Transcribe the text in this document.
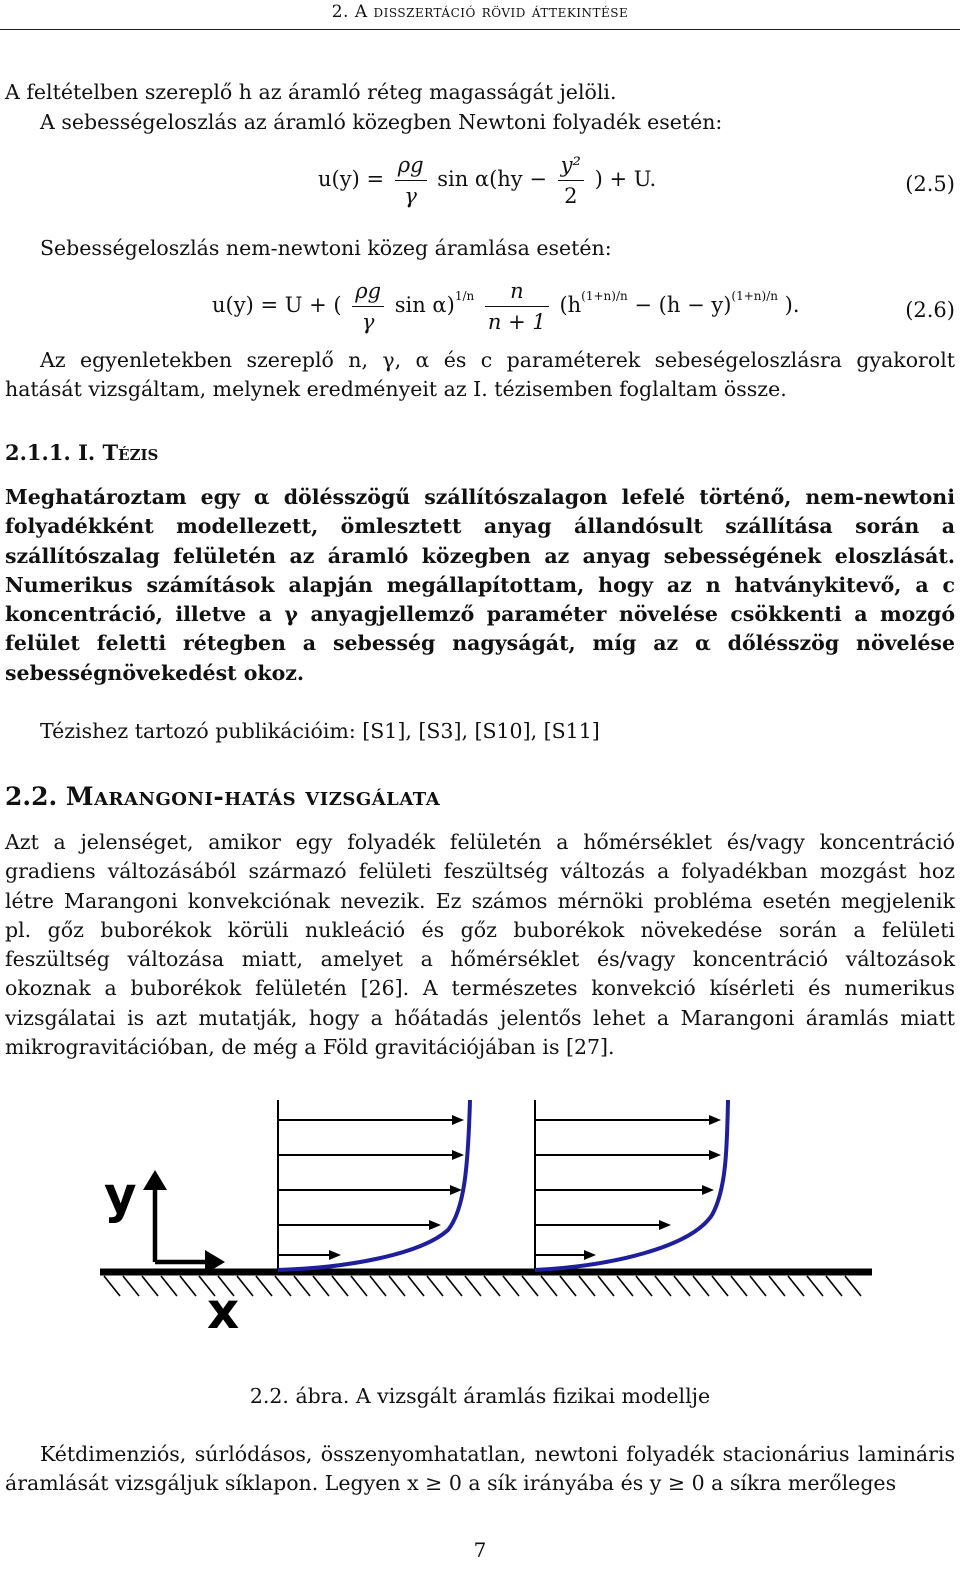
2. A disszertáció rövid áttekintése
A feltételben szereplő h az áramló réteg magasságát jelöli.
A sebességeloszlás az áramló közegben Newtoni folyadék esetén:
$u(y) = \frac{\rho g}{\gamma}$ $\sin \alpha(hy - \frac{\text{y²}}{2}$ ) + U.	(2.5)
Sebességeloszlás nem-newtoni közeg áramlása esetén:
u(y) = U + ( $\frac{\rho g}{\gamma}$ $\sin \alpha)^{1/n} \frac{n}{n + 1} (h^{(1+n)/n} - (h - y)^{(1+n)/n}$ ).	(2.6)
Az egyenletekben szereplő n, γ, α és c paraméterek sebeségeloszlásra gyakorolt hatását vizsgáltam, melynek eredményeit az I. tézisemben foglaltam össze.
2.1.1. I. Tézis
Meghatároztam egy α dölésszögű szállítószalagon lefelé történő, nem-newtoni folyadékként modellezett, ömlesztett anyag állandósult szállítása során a szállítószalag felületén az áramló közegben az anyag sebességének eloszlását. Numerikus számítások alapján megállapítottam, hogy az n hatványkitevő, a c koncentráció, illetve a γ anyagjellemző paraméter növelése csökkenti a mozgó felület feletti rétegben a sebesség nagyságát, míg az α dőlésszög növelése sebességnövekedést okoz.
Tézishez tartozó publikációim: [S1], [S3], [S10], [S11]
2.2. Marangoni-hatás vizsgálata
Azt a jelenséget, amikor egy folyadék felületén a hőmérséklet és/vagy koncentráció gradiens változásából származó felületi feszültség változás a folyadékban mozgást hoz létre Marangoni konvekciónak nevezik. Ez számos mérnöki probléma esetén megjelenik pl. gőz buborékok körüli nukleáció és gőz buborékok növekedése során a felületi feszültség változása miatt, amelyet a hőmérséklet és/vagy koncentráció változások okoznak a buborékok felületén [26]. A természetes konvekció kísérleti és numerikus vizsgálatai is azt mutatják, hogy a hőátadás jelentős lehet a Marangoni áramlás miatt mikrogravitációban, de még a Föld gravitációjában is [27].
y
x
2.2. ábra. A vizsgált áramlás fizikai modellje
Kétdimenziós, súrlódásos, összenyomhatatlan, newtoni folyadék stacionárius lamináris áramlását vizsgáljuk síklapon. Legyen x ≥ 0 a sík irányába és y ≥ 0 a síkra merőleges
7
